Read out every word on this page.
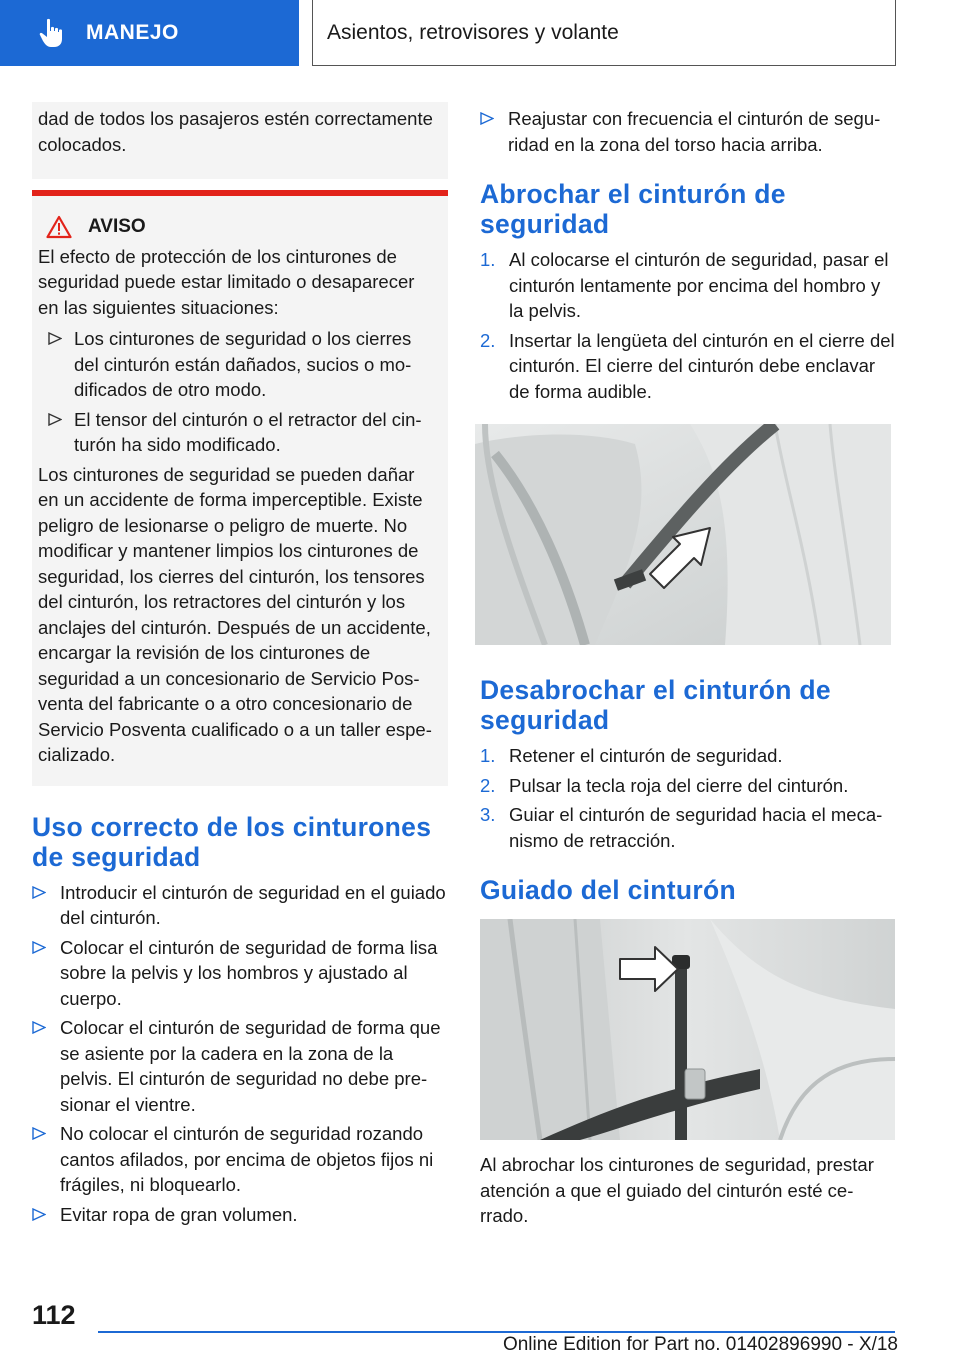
MANEJO	Asientos, retrovisores y volante

dad de todos los pasajeros estén correctamente colocados.

AVISO

El efecto de protección de los cinturones de seguridad puede estar limitado o desaparecer en las siguientes situaciones:

Los cinturones de seguridad o los cierres del cinturón están dañados, sucios o modificados de otro modo.
El tensor del cinturón o el retractor del cinturón ha sido modificado.

Los cinturones de seguridad se pueden dañar en un accidente de forma imperceptible. Existe peligro de lesionarse o peligro de muerte. No modificar y mantener limpios los cinturones de seguridad, los cierres del cinturón, los tensores del cinturón, los retractores del cinturón y los anclajes del cinturón. Después de un accidente, encargar la revisión de los cinturones de seguridad a un concesionario de Servicio Posventa del fabricante o a otro concesionario de Servicio Posventa cualificado o a un taller especializado.

Uso correcto de los cinturones de seguridad
Introducir el cinturón de seguridad en el guiado del cinturón.
Colocar el cinturón de seguridad de forma lisa sobre la pelvis y los hombros y ajustado al cuerpo.
Colocar el cinturón de seguridad de forma que se asiente por la cadera en la zona de la pelvis. El cinturón de seguridad no debe presionar el vientre.
No colocar el cinturón de seguridad rozando cantos afilados, por encima de objetos fijos ni frágiles, ni bloquearlo.
Evitar ropa de gran volumen.
Reajustar con frecuencia el cinturón de seguridad en la zona del torso hacia arriba.
Abrochar el cinturón de seguridad
1. Al colocarse el cinturón de seguridad, pasar el cinturón lentamente por encima del hombro y la pelvis.
2. Insertar la lengüeta del cinturón en el cierre del cinturón. El cierre del cinturón debe enclavar de forma audible.
Desabrochar el cinturón de seguridad
1. Retener el cinturón de seguridad.
2. Pulsar la tecla roja del cierre del cinturón.
3. Guiar el cinturón de seguridad hacia el mecanismo de retracción.
Guiado del cinturón

Al abrochar los cinturones de seguridad, prestar atención a que el guiado del cinturón esté cerrado.

112
Online Edition for Part no. 01402896990 - X/18
